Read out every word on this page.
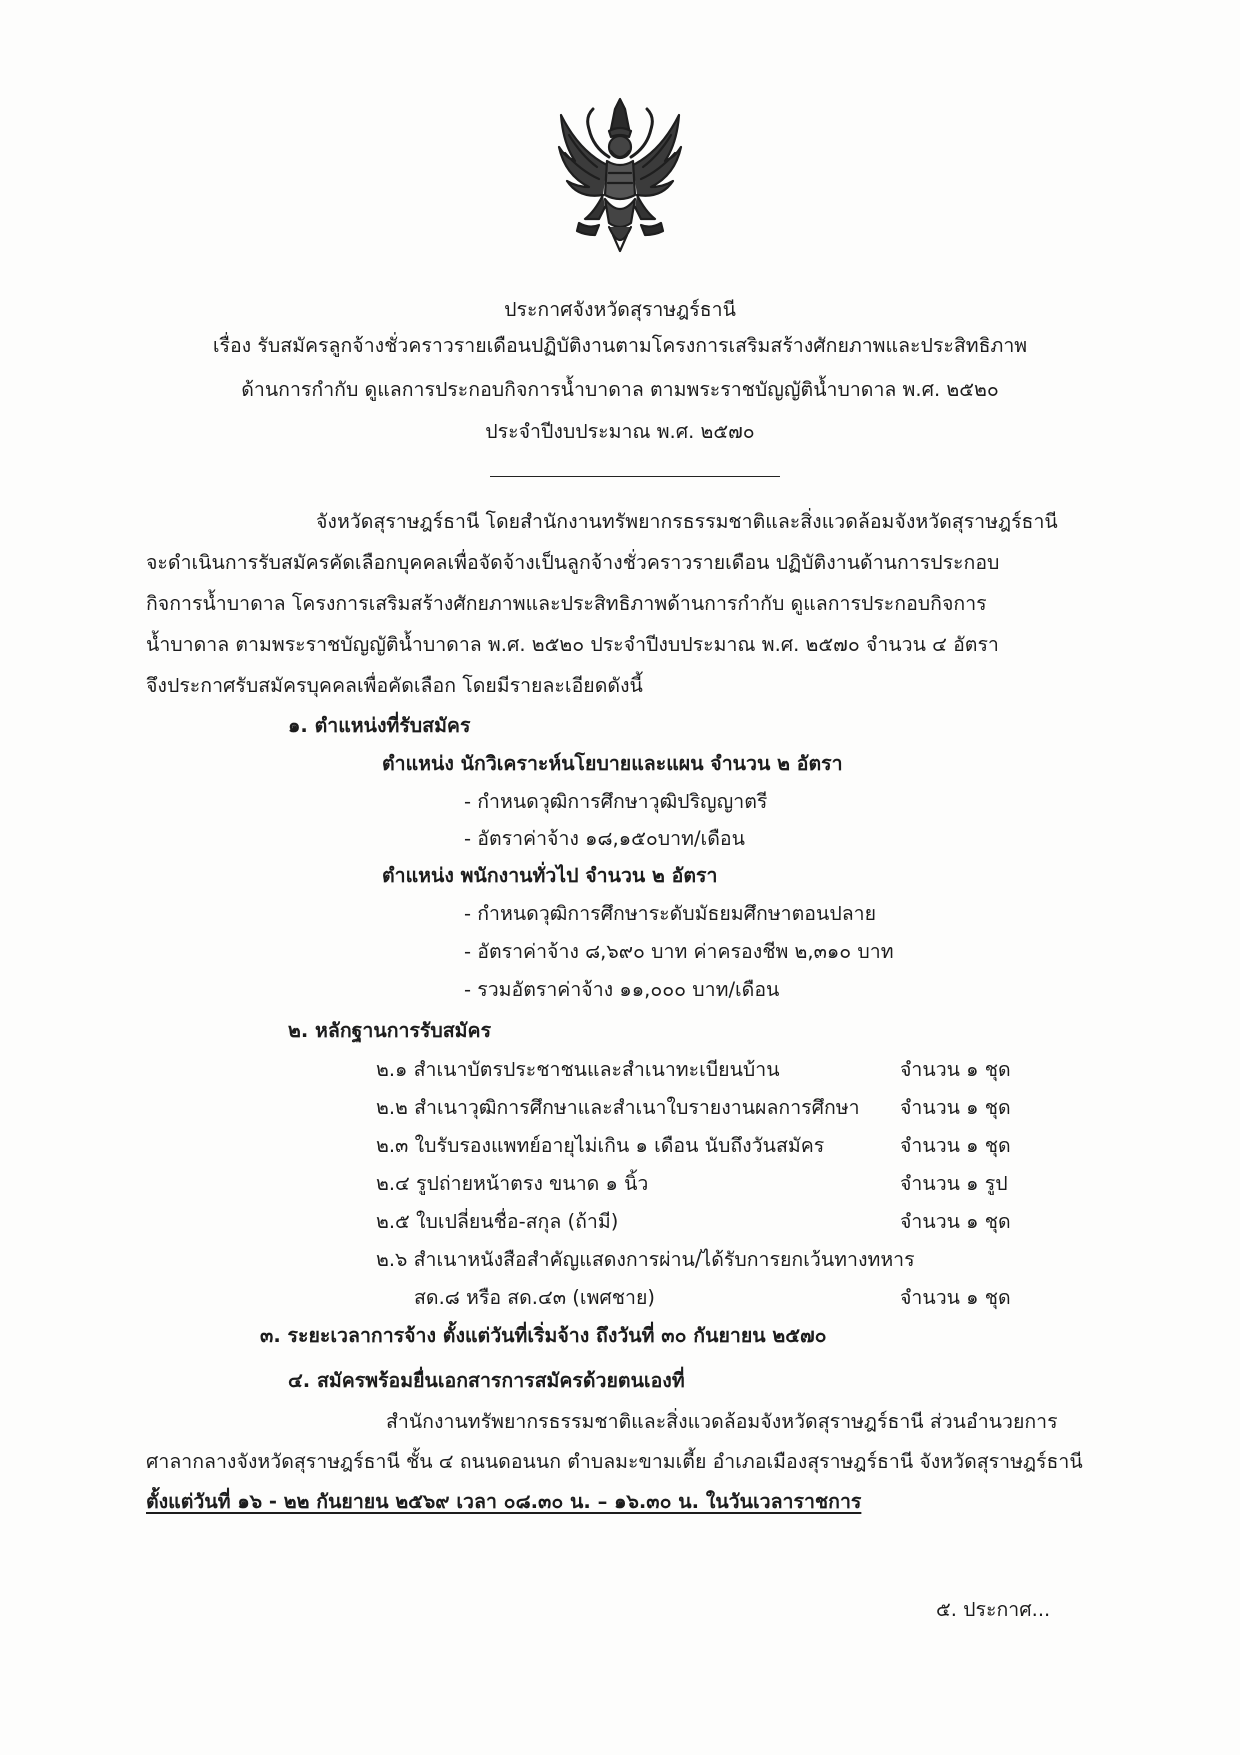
ประกาศจังหวัดสุราษฎร์ธานี
เรื่อง รับสมัครลูกจ้างชั่วคราวรายเดือนปฏิบัติงานตามโครงการเสริมสร้างศักยภาพและประสิทธิภาพ
ด้านการกำกับ ดูแลการประกอบกิจการน้ำบาดาล ตามพระราชบัญญัติน้ำบาดาล พ.ศ. ๒๕๒๐
ประจำปีงบประมาณ พ.ศ. ๒๕๗๐
จังหวัดสุราษฎร์ธานี โดยสำนักงานทรัพยากรธรรมชาติและสิ่งแวดล้อมจังหวัดสุราษฎร์ธานี
จะดำเนินการรับสมัครคัดเลือกบุคคลเพื่อจัดจ้างเป็นลูกจ้างชั่วคราวรายเดือน ปฏิบัติงานด้านการประกอบ
กิจการน้ำบาดาล โครงการเสริมสร้างศักยภาพและประสิทธิภาพด้านการกำกับ ดูแลการประกอบกิจการ
น้ำบาดาล ตามพระราชบัญญัติน้ำบาดาล พ.ศ. ๒๕๒๐ ประจำปีงบประมาณ พ.ศ. ๒๕๗๐ จำนวน ๔ อัตรา
จึงประกาศรับสมัครบุคคลเพื่อคัดเลือก โดยมีรายละเอียดดังนี้
๑. ตำแหน่งที่รับสมัคร
ตำแหน่ง นักวิเคราะห์นโยบายและแผน จำนวน ๒ อัตรา
- กำหนดวุฒิการศึกษาวุฒิปริญญาตรี
- อัตราค่าจ้าง ๑๘,๑๕๐บาท/เดือน
ตำแหน่ง พนักงานทั่วไป จำนวน ๒ อัตรา
- กำหนดวุฒิการศึกษาระดับมัธยมศึกษาตอนปลาย
- อัตราค่าจ้าง ๘,๖๙๐ บาท ค่าครองชีพ ๒,๓๑๐ บาท
- รวมอัตราค่าจ้าง ๑๑,๐๐๐ บาท/เดือน
๒. หลักฐานการรับสมัคร
๒.๑ สำเนาบัตรประชาชนและสำเนาทะเบียนบ้าน	จำนวน ๑ ชุด
๒.๒ สำเนาวุฒิการศึกษาและสำเนาใบรายงานผลการศึกษา จำนวน ๑ ชุด
๒.๓ ใบรับรองแพทย์อายุไม่เกิน ๑ เดือน นับถึงวันสมัคร	จำนวน ๑ ชุด
๒.๔ รูปถ่ายหน้าตรง ขนาด ๑ นิ้ว	จำนวน ๑ รูป
๒.๕ ใบเปลี่ยนชื่อ-สกุล (ถ้ามี)	จำนวน ๑ ชุด
๒.๖ สำเนาหนังสือสำคัญแสดงการผ่าน/ได้รับการยกเว้นทางทหาร
สด.๘ หรือ สด.๔๓ (เพศชาย)	จำนวน ๑ ชุด
๓. ระยะเวลาการจ้าง ตั้งแต่วันที่เริ่มจ้าง ถึงวันที่ ๓๐ กันยายน ๒๕๗๐
๔. สมัครพร้อมยื่นเอกสารการสมัครด้วยตนเองที่
สำนักงานทรัพยากรธรรมชาติและสิ่งแวดล้อมจังหวัดสุราษฎร์ธานี ส่วนอำนวยการ
ศาลากลางจังหวัดสุราษฎร์ธานี ชั้น ๔ ถนนดอนนก ตำบลมะขามเตี้ย อำเภอเมืองสุราษฎร์ธานี จังหวัดสุราษฎร์ธานี
ตั้งแต่วันที่ ๑๖ - ๒๒ กันยายน ๒๕๖๙ เวลา ๐๘.๓๐ น. – ๑๖.๓๐ น. ในวันเวลาราชการ
๕. ประกาศ...
